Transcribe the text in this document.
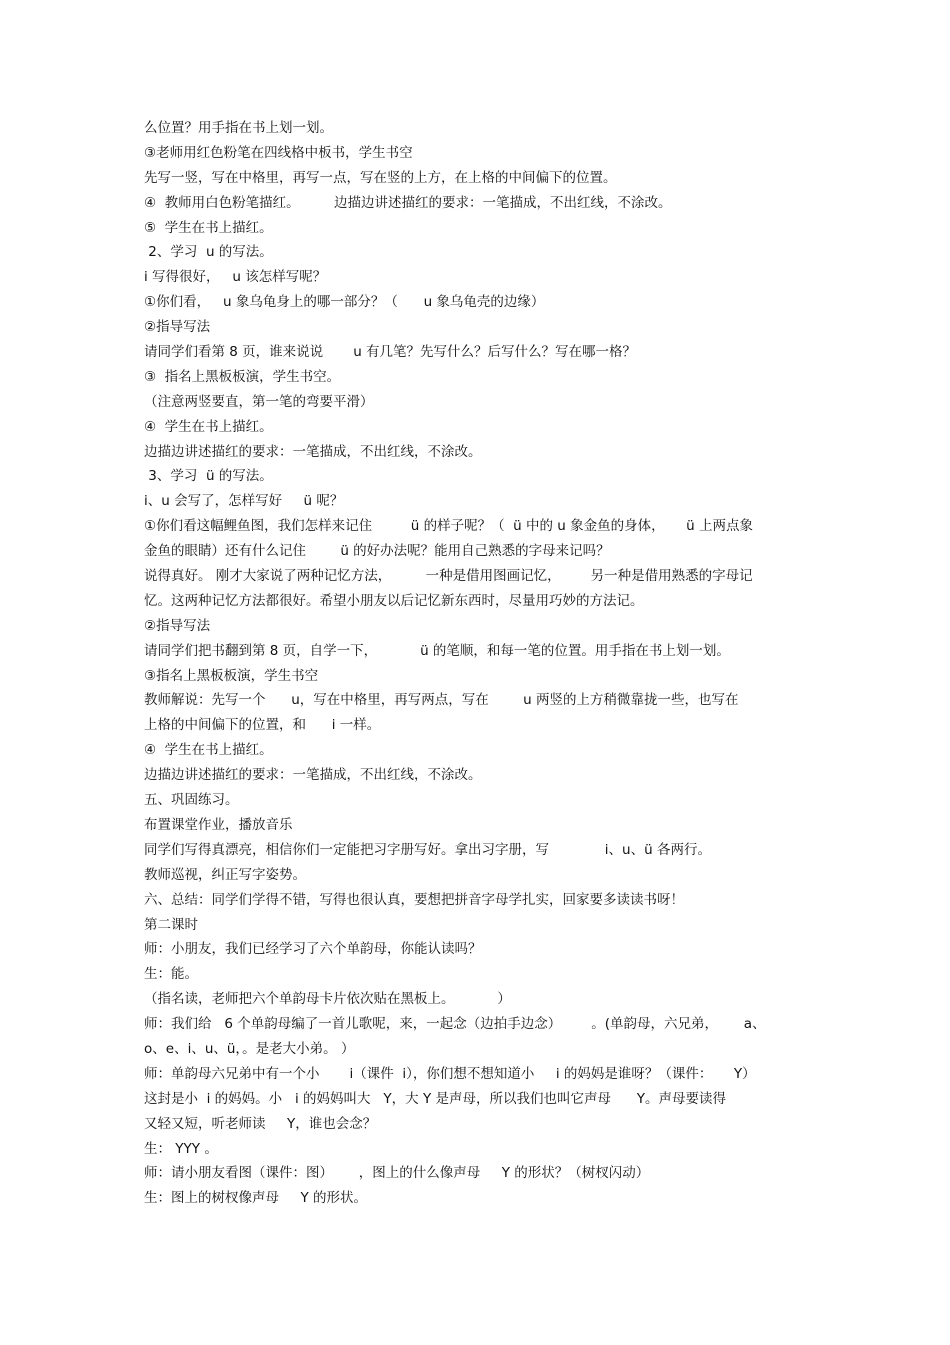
么位置？用手指在书上划一划。
③老师用红色粉笔在四线格中板书，学生书空
先写一竖，写在中格里，再写一点，写在竖的上方，在上格的中间偏下的位置。
④  教师用白色粉笔描红。        边描边讲述描红的要求：一笔描成，不出红线，不涂改。
⑤  学生在书上描红。
2、学习  u 的写法。
i 写得很好，   u 该怎样写呢？
①你们看，   u 象乌龟身上的哪一部分？（      u 象乌龟壳的边缘）
②指导写法
请同学们看第 8 页，谁来说说       u 有几笔？先写什么？后写什么？写在哪一格？
③  指名上黑板板演，学生书空。
（注意两竖要直，第一笔的弯要平滑）
④  学生在书上描红。
边描边讲述描红的要求：一笔描成，不出红线，不涂改。
3、学习  ü 的写法。
i、u 会写了，怎样写好     ü 呢？
①你们看这幅鲤鱼图，我们怎样来记住         ü 的样子呢？（  ü 中的 u 象金鱼的身体，     ü 上两点象
金鱼的眼睛）还有什么记住        ü 的好办法呢？能用自己熟悉的字母来记吗？
说得真好。 刚才大家说了两种记忆方法，        一种是借用图画记忆，       另一种是借用熟悉的字母记
忆。这两种记忆方法都很好。希望小朋友以后记忆新东西时，尽量用巧妙的方法记。
②指导写法
请同学们把书翻到第 8 页，自学一下，          ü 的笔顺，和每一笔的位置。用手指在书上划一划。
③指名上黑板板演，学生书空
教师解说：先写一个      u，写在中格里，再写两点，写在        u 两竖的上方稍微靠拢一些，也写在
上格的中间偏下的位置，和      i 一样。
④  学生在书上描红。
边描边讲述描红的要求：一笔描成，不出红线，不涂改。
五、巩固练习。
布置课堂作业，播放音乐
同学们写得真漂亮，相信你们一定能把习字册写好。拿出习字册，写             i、u、ü 各两行。
教师巡视，纠正写字姿势。
六、总结：同学们学得不错，写得也很认真，要想把拼音字母学扎实，回家要多读读书呀！
第二课时
师：小朋友，我们已经学习了六个单韵母，你能认读吗？
生：能。
（指名读，老师把六个单韵母卡片依次贴在黑板上。          ）
师：我们给   6 个单韵母编了一首儿歌呢，来，一起念（边拍手边念）       。(单韵母，六兄弟，      a、
o、e、i、u、ü，。是老大小弟。 ）
师：单韵母六兄弟中有一个小       i（课件  i），你们想不想知道小     i 的妈妈是谁呀？（课件：     Y）
这封是小  i 的妈妈。小   i 的妈妈叫大   Y，大 Y 是声母，所以我们也叫它声母      Y。声母要读得
又轻又短，听老师读     Y，谁也会念？
生： YYY 。
师：请小朋友看图（课件：图）      ，图上的什么像声母     Y 的形状？（树杈闪动）
生：图上的树杈像声母     Y 的形状。
